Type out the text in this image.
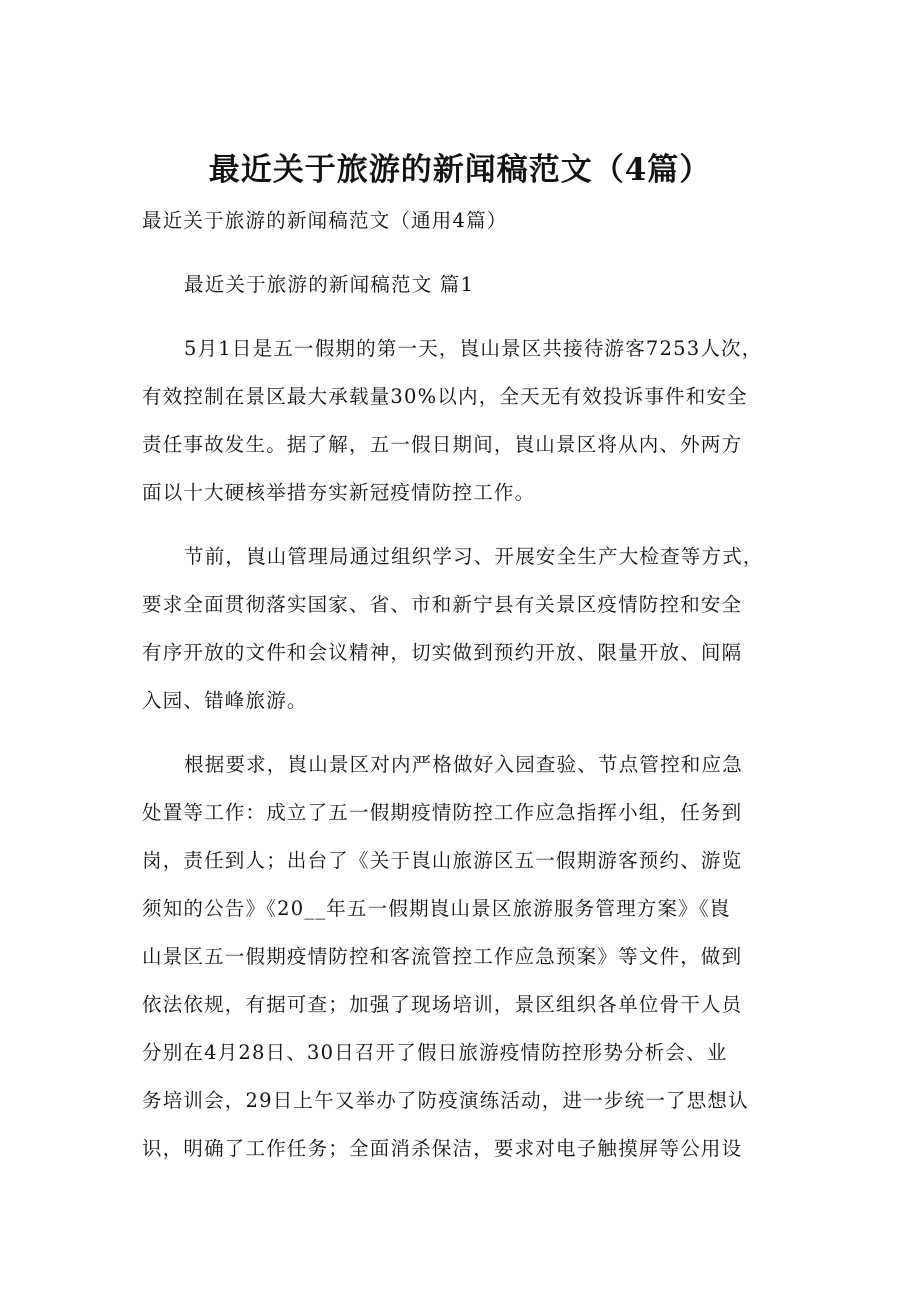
最近关于旅游的新闻稿范文（4篇）
最近关于旅游的新闻稿范文（通用4篇）
最近关于旅游的新闻稿范文 篇1
5月1日是五一假期的第一天，崀山景区共接待游客7253人次，
有效控制在景区最大承载量30%以内，全天无有效投诉事件和安全
责任事故发生。据了解，五一假日期间，崀山景区将从内、外两方
面以十大硬核举措夯实新冠疫情防控工作。
节前，崀山管理局通过组织学习、开展安全生产大检查等方式，
要求全面贯彻落实国家、省、市和新宁县有关景区疫情防控和安全
有序开放的文件和会议精神，切实做到预约开放、限量开放、间隔
入园、错峰旅游。
根据要求，崀山景区对内严格做好入园查验、节点管控和应急
处置等工作：成立了五一假期疫情防控工作应急指挥小组，任务到
岗，责任到人；出台了《关于崀山旅游区五一假期游客预约、游览
须知的公告》《20__年五一假期崀山景区旅游服务管理方案》《崀
山景区五一假期疫情防控和客流管控工作应急预案》等文件，做到
依法依规，有据可查；加强了现场培训，景区组织各单位骨干人员
分别在4月28日、30日召开了假日旅游疫情防控形势分析会、业
务培训会，29日上午又举办了防疫演练活动，进一步统一了思想认
识，明确了工作任务；全面消杀保洁，要求对电子触摸屏等公用设
